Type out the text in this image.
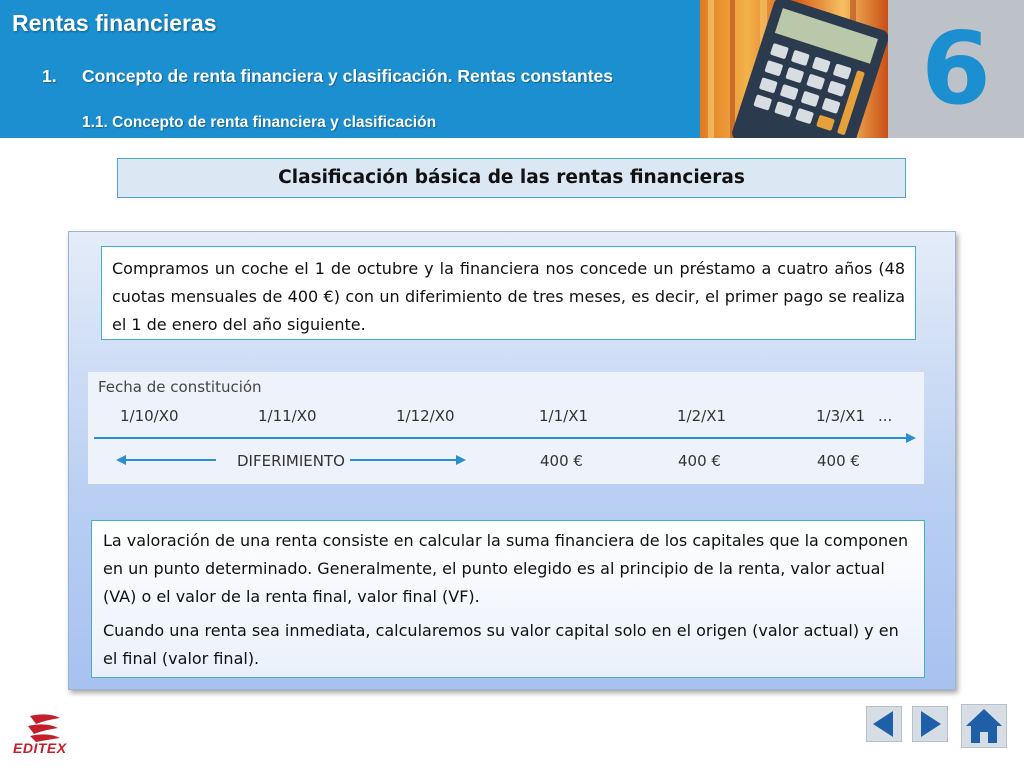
Rentas financieras
1. Concepto de renta financiera y clasificación. Rentas constantes
1.1. Concepto de renta financiera y clasificación	6
Clasificación básica de las rentas financieras
Compramos un coche el 1 de octubre y la financiera nos concede un préstamo a cuatro años (48 cuotas mensuales de 400 €) con un diferimiento de tres meses, es decir, el primer pago se realiza el 1 de enero del año siguiente.
Fecha de constitución
1/10/X0	1/11/X0	1/12/X0	1/1/X1	1/2/X1	1/3/X1 ...
DIFERIMIENTO	400 €	400 €	400 €

La valoración de una renta consiste en calcular la suma financiera de los capitales que la componen en un punto determinado. Generalmente, el punto elegido es al principio de la renta, valor actual (VA) o el valor de la renta final, valor final (VF).

Cuando una renta sea inmediata, calcularemos su valor capital solo en el origen (valor actual) y en el final (valor final).

EDITEX
